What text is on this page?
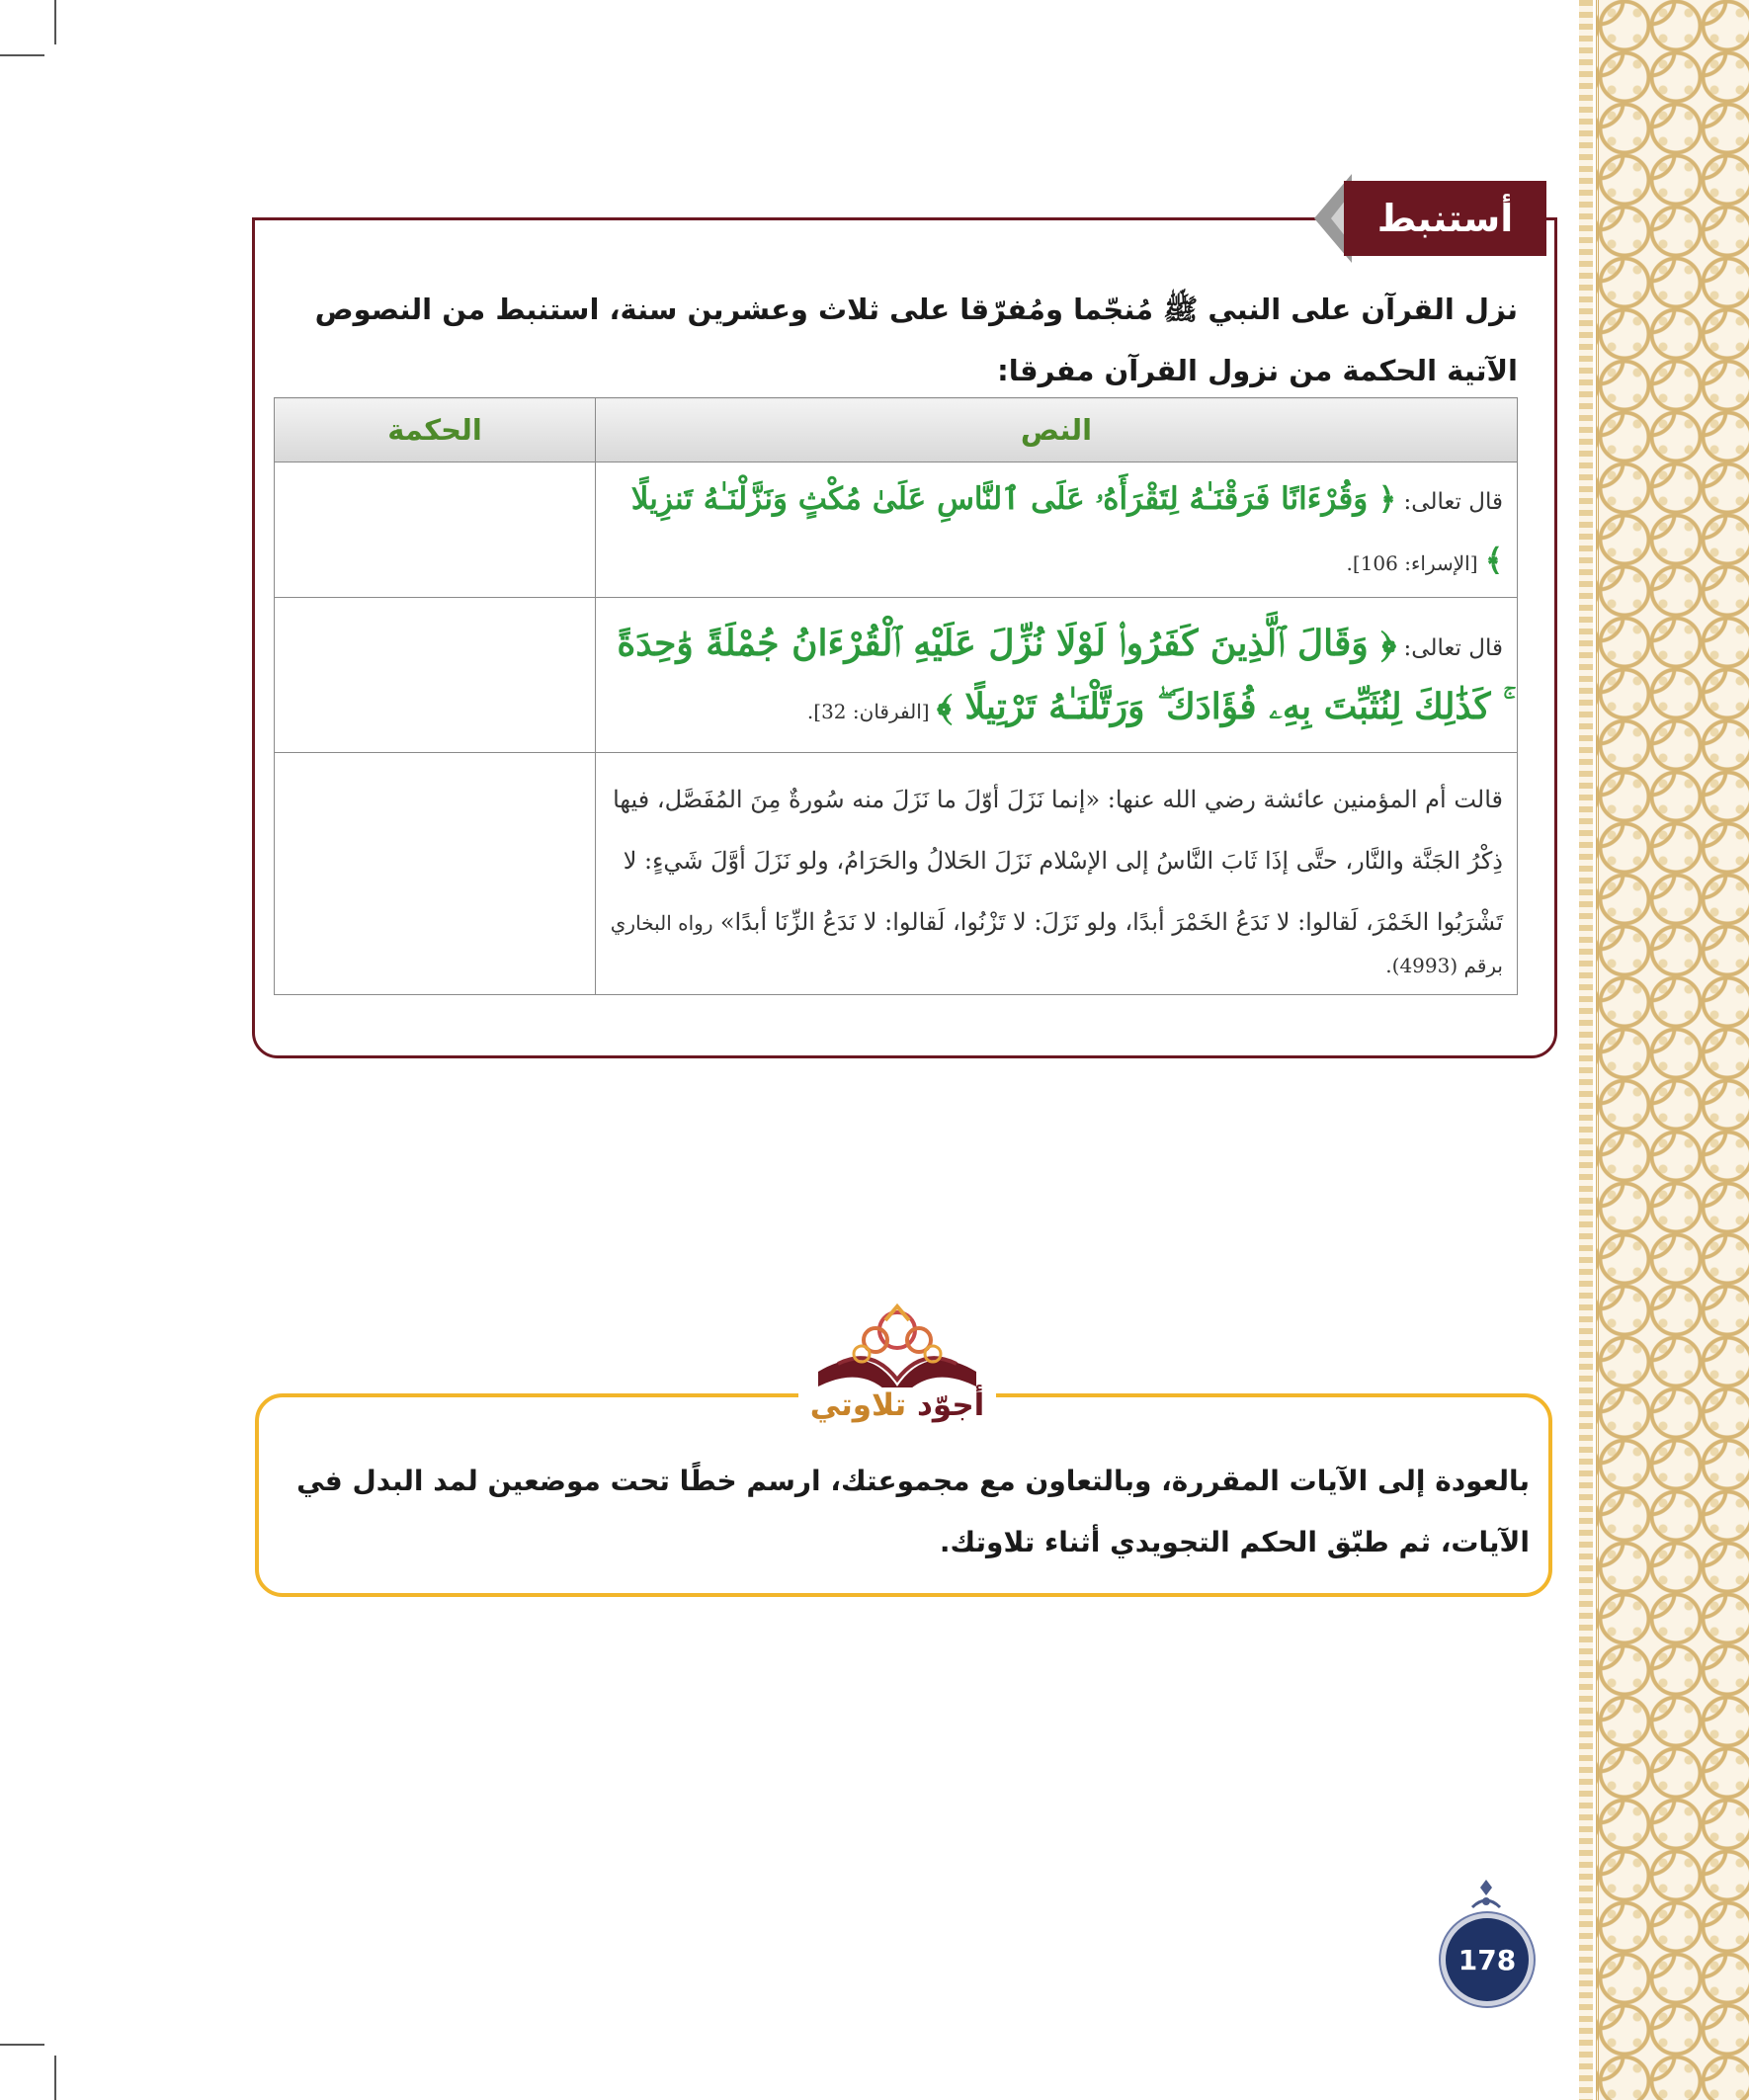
أستنبط
نزل القرآن على النبي ﷺ مُنجّما ومُفرّقا على ثلاث وعشرين سنة، استنبط من النصوص الآتية الحكمة من نزول القرآن مفرقا:
النص	الحكمة
قال تعالى: ﴿ وَقُرْءَانًا فَرَقْنَـٰهُ لِتَقْرَأَهُۥ عَلَى ٱلنَّاسِ عَلَىٰ مُكْثٍ وَنَزَّلْنَـٰهُ تَنزِيلًا ﴾ [الإسراء: 106].	
قال تعالى: ﴿ وَقَالَ ٱلَّذِينَ كَفَرُوا۟ لَوْلَا نُزِّلَ عَلَيْهِ ٱلْقُرْءَانُ جُمْلَةً وَٰحِدَةً ۚ كَذَٰلِكَ لِنُثَبِّتَ بِهِۦ فُؤَادَكَ ۖ وَرَتَّلْنَـٰهُ تَرْتِيلًا ﴾ [الفرقان: 32].	
قالت أم المؤمنين عائشة رضي الله عنها: «إنما نَزَلَ أوّلَ ما نَزَلَ منه سُورةٌ مِنَ المُفَصَّل، فيها ذِكْرُ الجَنَّة والنَّار، حتَّى إذَا ثَابَ النَّاسُ إلى الإسْلام نَزَلَ الحَلالُ والحَرَامُ، ولو نَزَلَ أوَّلَ شَيءٍ: لا تَشْرَبُوا الخَمْرَ، لَقالوا: لا نَدَعُ الخَمْرَ أبدًا، ولو نَزَلَ: لا تَزْنُوا، لَقالوا: لا نَدَعُ الزِّنَا أبدًا» رواه البخاري برقم (4993).	
أجوّد تلاوتي
بالعودة إلى الآيات المقررة، وبالتعاون مع مجموعتك، ارسم خطًا تحت موضعين لمد البدل في الآيات، ثم طبّق الحكم التجويدي أثناء تلاوتك.
178
